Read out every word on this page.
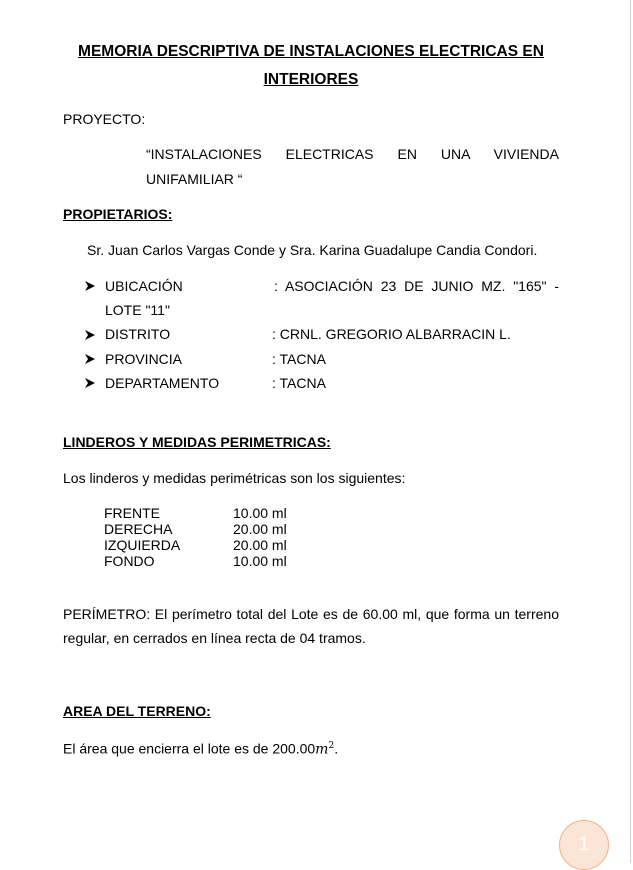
MEMORIA DESCRIPTIVA DE INSTALACIONES ELECTRICAS EN
INTERIORES
PROYECTO:
“INSTALACIONES ELECTRICAS EN UNA VIVIENDA
UNIFAMILIAR “
PROPIETARIOS:
Sr. Juan Carlos Vargas Conde y Sra. Karina Guadalupe Candia Condori.
UBICACIÓN	: ASOCIACIÓN 23 DE JUNIO MZ. "165" -
LOTE "11"
DISTRITO	: CRNL. GREGORIO ALBARRACIN L.
PROVINCIA	: TACNA
DEPARTAMENTO	: TACNA
LINDEROS Y MEDIDAS PERIMETRICAS:
Los linderos y medidas perimétricas son los siguientes:
FRENTE	10.00 ml
DERECHA	20.00 ml
IZQUIERDA	20.00 ml
FONDO	10.00 ml
PERÍMETRO: El perímetro total del Lote es de 60.00 ml, que forma un terreno
regular, en cerrados en línea recta de 04 tramos.
AREA DEL TERRENO:
El área que encierra el lote es de $200.00m^2$.
1
